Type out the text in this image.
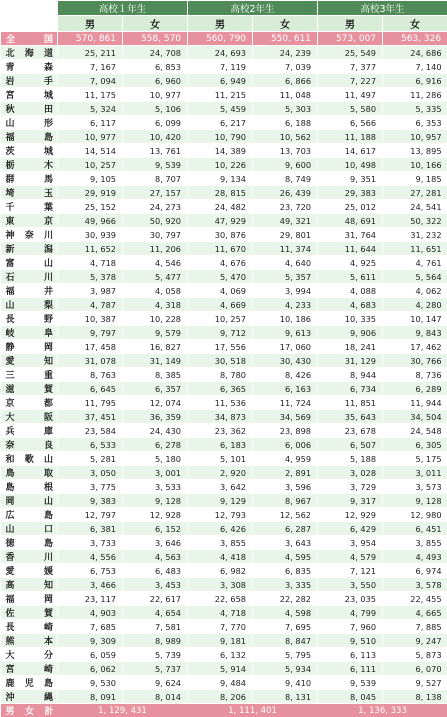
	高校１年生		高校2年生		高校3年生	
	男	女	男	女	男	女
全　　国	570, 861	558, 570	560, 790	550, 611	573, 007	563, 326
北海道	25, 211	24, 708	24, 693	24, 239	25, 549	24, 686
青森	7, 167	6, 853	7, 119	7, 039	7, 377	7, 140
岩手	7, 094	6, 960	6, 949	6, 866	7, 227	6, 916
宮城	11, 175	10, 977	11, 215	11, 048	11, 497	11, 286
秋田	5, 324	5, 106	5, 459	5, 303	5, 580	5, 335
山形	6, 117	6, 099	6, 217	6, 188	6, 566	6, 353
福島	10, 977	10, 420	10, 790	10, 562	11, 188	10, 957
茨城	14, 514	13, 761	14, 389	13, 703	14, 617	13, 895
栃木	10, 257	9, 539	10, 226	9, 600	10, 498	10, 166
群馬	9, 105	8, 707	9, 134	8, 749	9, 351	9, 185
埼玉	29, 919	27, 157	28, 815	26, 439	29, 383	27, 281
千葉	25, 152	24, 273	24, 482	23, 720	25, 012	24, 541
東京	49, 966	50, 920	47, 929	49, 321	48, 691	50, 322
神奈川	30, 939	30, 797	30, 876	29, 801	31, 764	31, 232
新潟	11, 652	11, 206	11, 670	11, 374	11, 644	11, 651
富山	4, 718	4, 546	4, 676	4, 640	4, 925	4, 761
石川	5, 378	5, 477	5, 470	5, 357	5, 611	5, 564
福井	3, 987	4, 058	4, 069	3, 994	4, 088	4, 062
山梨	4, 787	4, 318	4, 669	4, 233	4, 683	4, 280
長野	10, 387	10, 228	10, 257	10, 186	10, 335	10, 147
岐阜	9, 797	9, 579	9, 712	9, 613	9, 906	9, 843
静岡	17, 458	16, 827	17, 556	17, 060	18, 241	17, 462
愛知	31, 078	31, 149	30, 518	30, 430	31, 129	30, 766
三重	8, 763	8, 385	8, 780	8, 426	8, 944	8, 736
滋賀	6, 645	6, 357	6, 365	6, 163	6, 734	6, 289
京都	11, 795	12, 074	11, 536	11, 724	11, 851	11, 944
大阪	37, 451	36, 359	34, 873	34, 569	35, 643	34, 504
兵庫	23, 584	24, 430	23, 362	23, 898	23, 678	24, 548
奈良	6, 533	6, 278	6, 183	6, 006	6, 507	6, 305
和歌山	5, 281	5, 180	5, 101	4, 959	5, 188	5, 175
鳥取	3, 050	3, 001	2, 920	2, 891	3, 028	3, 011
島根	3, 775	3, 533	3, 642	3, 596	3, 729	3, 573
岡山	9, 383	9, 128	9, 129	8, 967	9, 317	9, 128
広島	12, 797	12, 928	12, 793	12, 562	12, 929	12, 980
山口	6, 381	6, 152	6, 426	6, 287	6, 429	6, 451
徳島	3, 733	3, 646	3, 855	3, 643	3, 954	3, 855
香川	4, 556	4, 563	4, 418	4, 595	4, 579	4, 493
愛媛	6, 753	6, 483	6, 982	6, 835	7, 121	6, 974
高知	3, 466	3, 453	3, 308	3, 335	3, 550	3, 578
福岡	23, 117	22, 617	22, 658	22, 282	23, 035	22, 455
佐賀	4, 903	4, 654	4, 718	4, 598	4, 799	4, 665
長崎	7, 685	7, 581	7, 770	7, 695	7, 960	7, 885
熊本	9, 309	8, 989	9, 181	8, 847	9, 510	9, 247
大分	6, 059	5, 739	6, 132	5, 795	6, 113	5, 873
宮崎	6, 062	5, 737	5, 914	5, 934	6, 111	6, 070
鹿児島	9, 530	9, 624	9, 484	9, 410	9, 539	9, 527
沖縄	8, 091	8, 014	8, 206	8, 131	8, 045	8, 138
男女計	1, 129, 431		1, 111, 401		1, 136, 333	
